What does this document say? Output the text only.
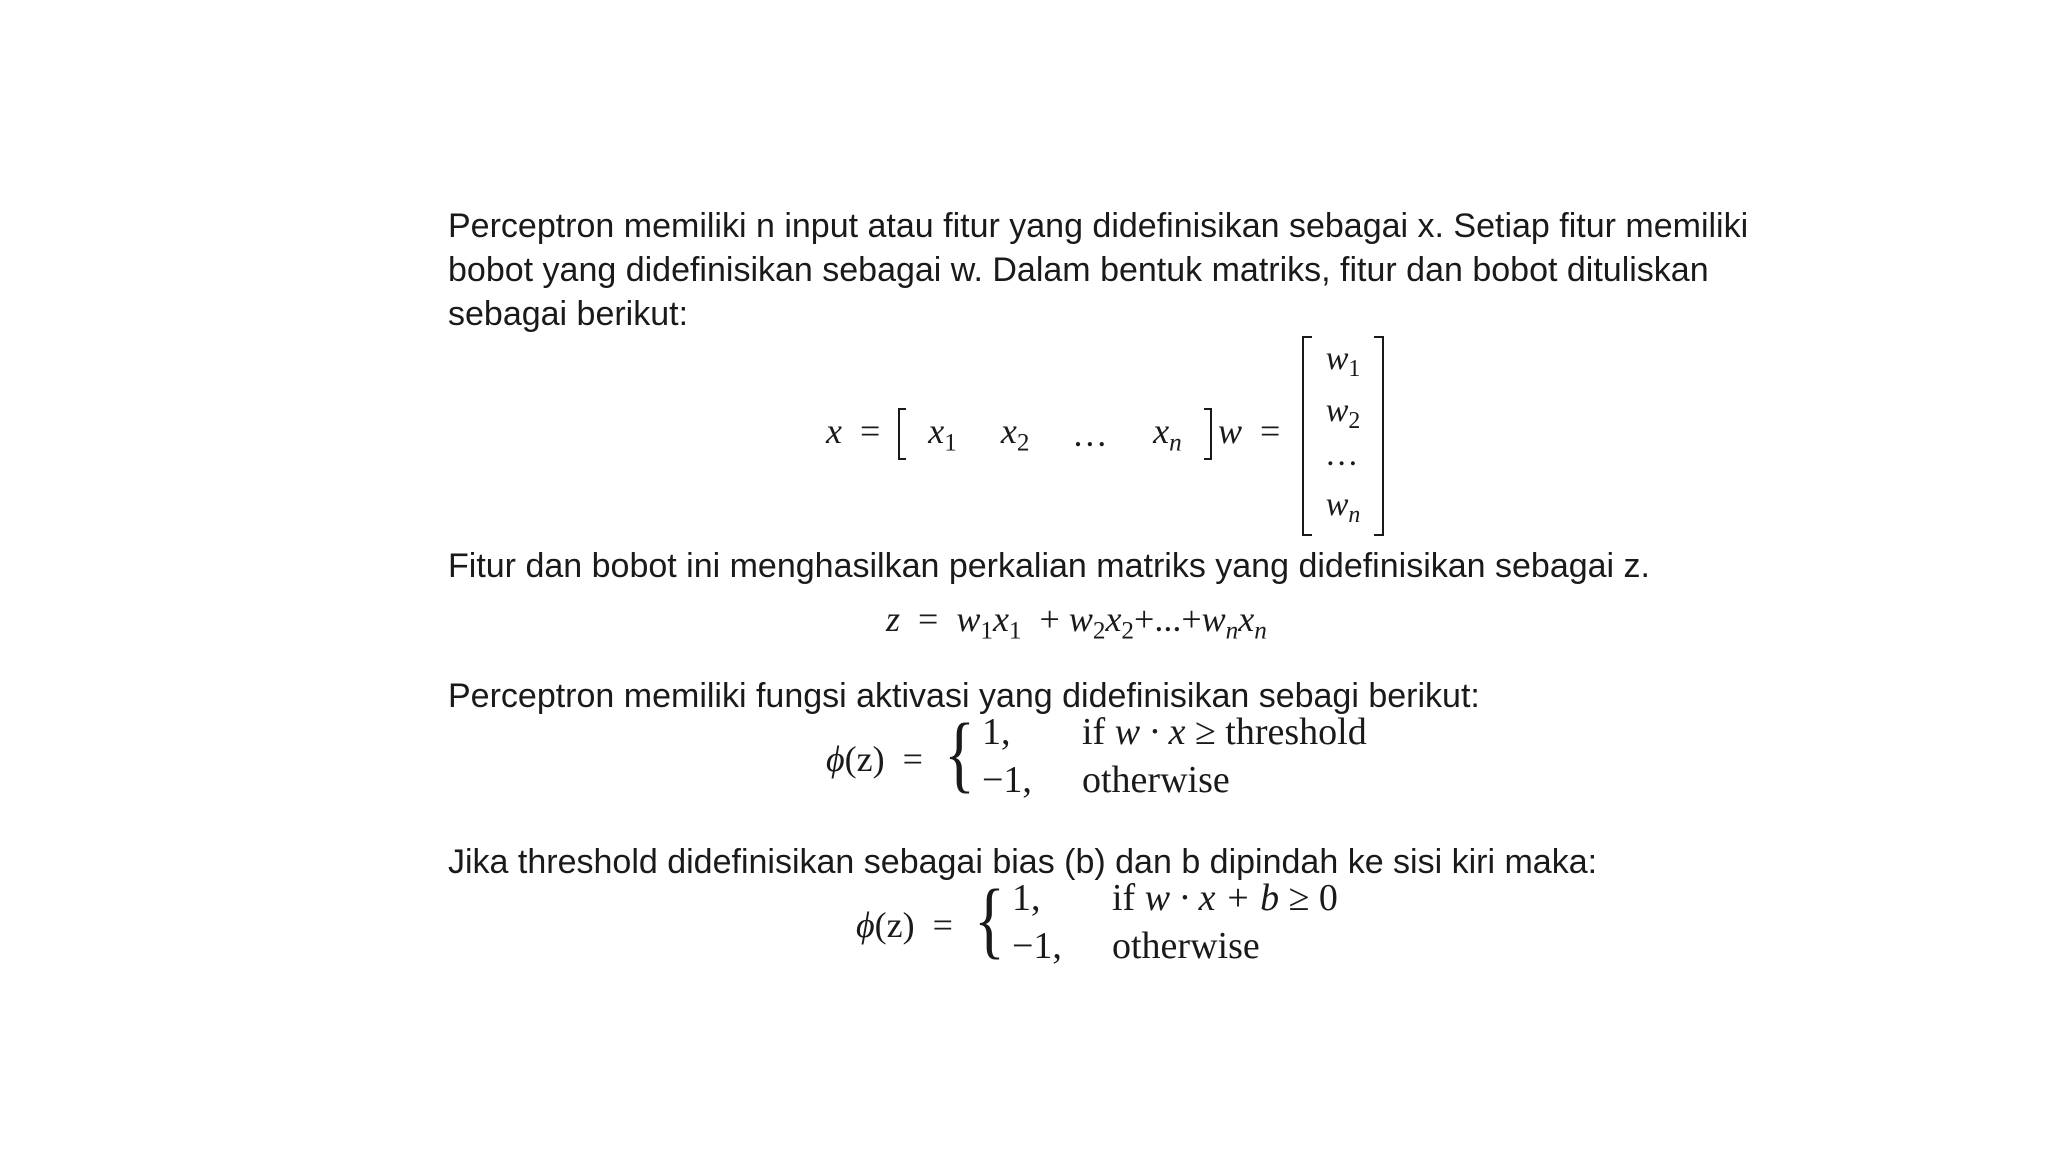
Perceptron memiliki n input atau fitur yang didefinisikan sebagai x. Setiap fitur memiliki

bobot yang didefinisikan sebagai w. Dalam bentuk matriks, fitur dan bobot dituliskan

sebagai berikut:

$x = x_1$ $x_2$ ... $x_n$ w =
$w_1$
$w_2$
...
$w_n$

Fitur dan bobot ini menghasilkan perkalian matriks yang didefinisikan sebagai z.

$z = w_1x_1 + w_2x_2+...+w_nx_n$

Perceptron memiliki fungsi aktivasi yang didefinisikan sebagi berikut:

ϕ(z) = { 1,	if w · x ≥ threshold
−1,	otherwise

Jika threshold didefinisikan sebagai bias (b) dan b dipindah ke sisi kiri maka:

ϕ(z) = { 1,	if w · x + b ≥ 0
−1,	otherwise
